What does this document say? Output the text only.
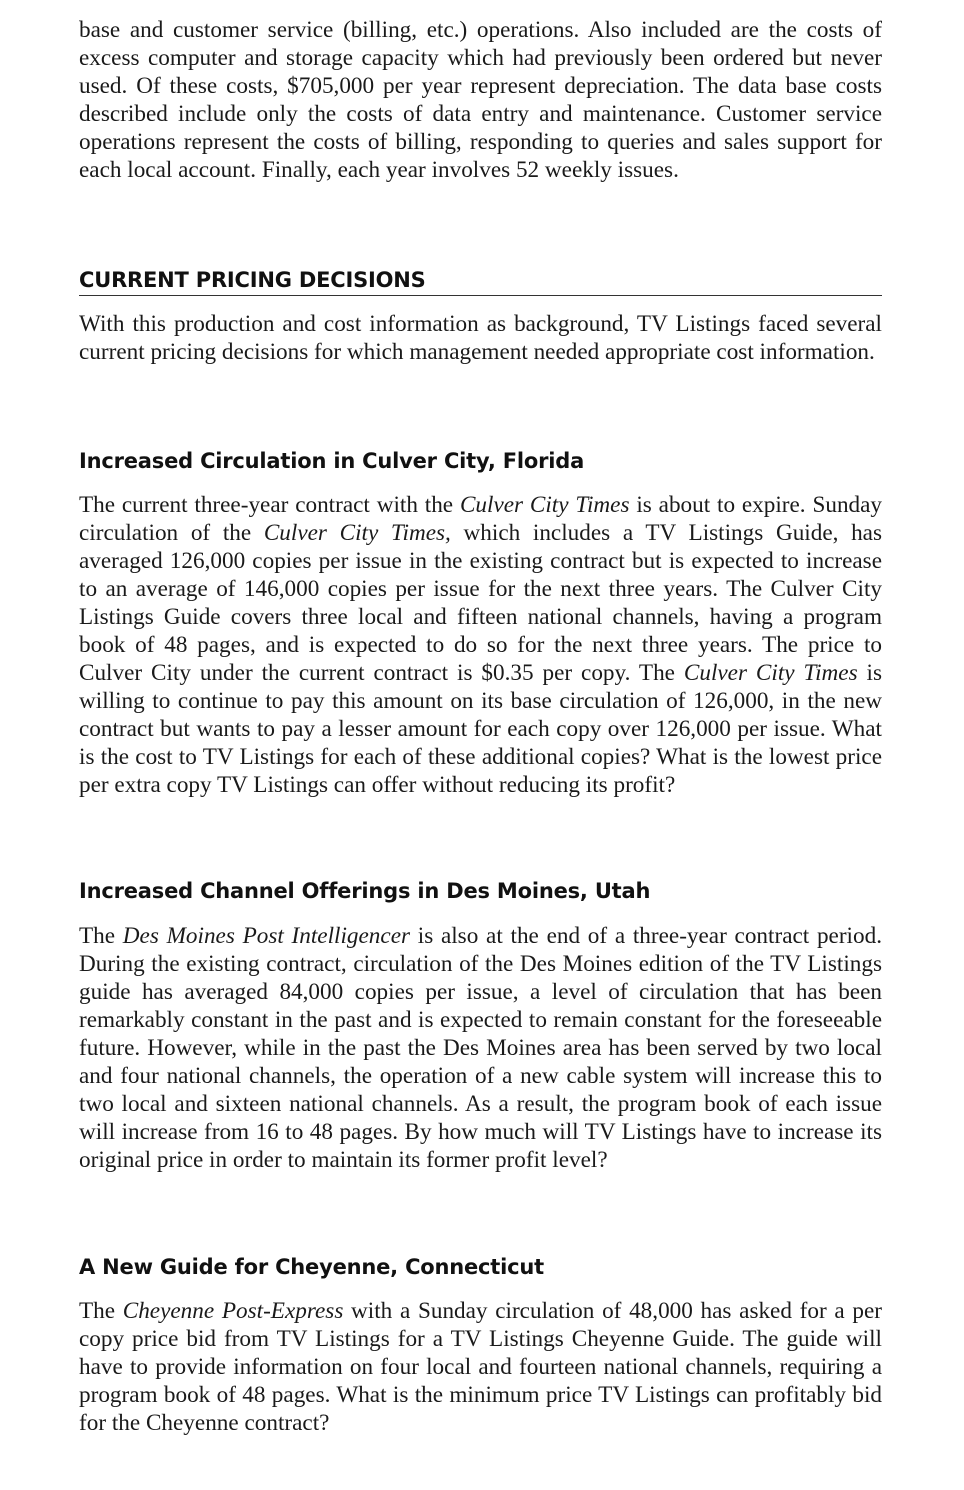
base and customer service (billing, etc.) operations. Also included are the costs of excess computer and storage capacity which had previously been ordered but never used. Of these costs, $705,000 per year represent depreciation. The data base costs described include only the costs of data entry and maintenance. Customer service operations represent the costs of billing, responding to queries and sales support for each local account. Finally, each year involves 52 weekly issues.

CURRENT PRICING DECISIONS

With this production and cost information as background, TV Listings faced several current pricing decisions for which management needed appropriate cost information.

Increased Circulation in Culver City, Florida

The current three-year contract with the Culver City Times is about to expire. Sunday circulation of the Culver City Times, which includes a TV Listings Guide, has averaged 126,000 copies per issue in the existing contract but is expected to increase to an average of 146,000 copies per issue for the next three years. The Culver City Listings Guide covers three local and fifteen national channels, having a program book of 48 pages, and is expected to do so for the next three years. The price to Culver City under the current contract is $0.35 per copy. The Culver City Times is willing to continue to pay this amount on its base circulation of 126,000, in the new contract but wants to pay a lesser amount for each copy over 126,000 per issue. What is the cost to TV Listings for each of these additional copies? What is the lowest price per extra copy TV Listings can offer without reducing its profit?

Increased Channel Offerings in Des Moines, Utah

The Des Moines Post Intelligencer is also at the end of a three-year contract period. During the existing contract, circulation of the Des Moines edition of the TV Listings guide has averaged 84,000 copies per issue, a level of circulation that has been remarkably constant in the past and is expected to remain constant for the foreseeable future. However, while in the past the Des Moines area has been served by two local and four national channels, the operation of a new cable system will increase this to two local and sixteen national channels. As a result, the program book of each issue will increase from 16 to 48 pages. By how much will TV Listings have to increase its original price in order to maintain its former profit level?

A New Guide for Cheyenne, Connecticut

The Cheyenne Post-Express with a Sunday circulation of 48,000 has asked for a per copy price bid from TV Listings for a TV Listings Cheyenne Guide. The guide will have to provide information on four local and fourteen national channels, requiring a program book of 48 pages. What is the minimum price TV Listings can profitably bid for the Cheyenne contract?
